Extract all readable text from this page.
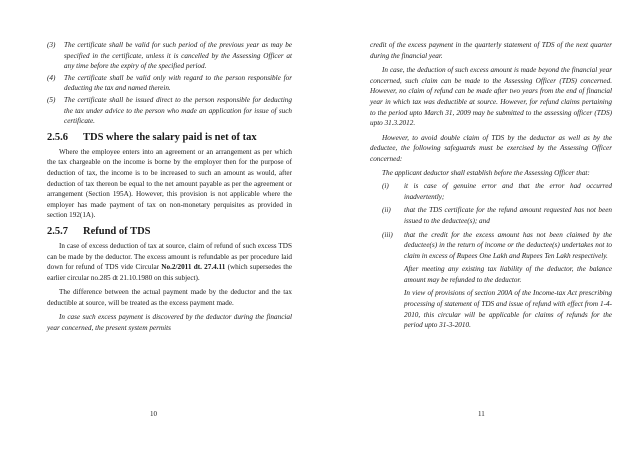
(3)	The certificate shall be valid for such period of the previous year as may be specified in the certificate, unless it is cancelled by the Assessing Officer at any time before the expiry of the specified period.
(4)	The certificate shall be valid only with regard to the person responsible for deducting the tax and named therein.
(5)	The certificate shall be issued direct to the person responsible for deducting the tax under advice to the person who made an application for issue of such certificate.
2.5.6	TDS where the salary paid is net of tax

Where the employee enters into an agreement or an arrangement as per which the tax chargeable on the income is borne by the employer then for the purpose of deduction of tax, the income is to be increased to such an amount as would, after deduction of tax thereon be equal to the net amount payable as per the agreement or arrangement (Section 195A). However, this provision is not applicable where the employer has made payment of tax on non-monetary perquisites as provided in section 192(1A).

2.5.7	Refund of TDS

In case of excess deduction of tax at source, claim of refund of such excess TDS can be made by the deductor. The excess amount is refundable as per procedure laid down for refund of TDS vide Circular No.2/2011 dt. 27.4.11 (which supersedes the earlier circular no.285 dt 21.10.1980 on this subject).

The difference between the actual payment made by the deductor and the tax deductible at source, will be treated as the excess payment made.

In case such excess payment is discovered by the deductor during the financial year concerned, the present system permits

credit of the excess payment in the quarterly statement of TDS of the next quarter during the financial year.

In case, the deduction of such excess amount is made beyond the financial year concerned, such claim can be made to the Assessing Officer (TDS) concerned. However, no claim of refund can be made after two years from the end of financial year in which tax was deductible at source. However, for refund claims pertaining to the period upto March 31, 2009 may be submitted to the assessing officer (TDS) upto 31.3.2012.

However, to avoid double claim of TDS by the deductor as well as by the deductee, the following safeguards must be exercised by the Assessing Officer concerned:

The applicant deductor shall establish before the Assessing Officer that:
(i)	it is case of genuine error and that the error had occurred inadvertently;
(ii)	that the TDS certificate for the refund amount requested has not been issued to the deductee(s); and
(iii)	that the credit for the excess amount has not been claimed by the deductee(s) in the return of income or the deductee(s) undertakes not to claim in excess of Rupees One Lakh and Rupees Ten Lakh respectively.
After meeting any existing tax liability of the deductor, the balance amount may be refunded to the deductor.
In view of provisions of section 200A of the Income-tax Act prescribing processing of statement of TDS and issue of refund with effect from 1-4-2010, this circular will be applicable for claims of refunds for the period upto 31-3-2010.
10	11
